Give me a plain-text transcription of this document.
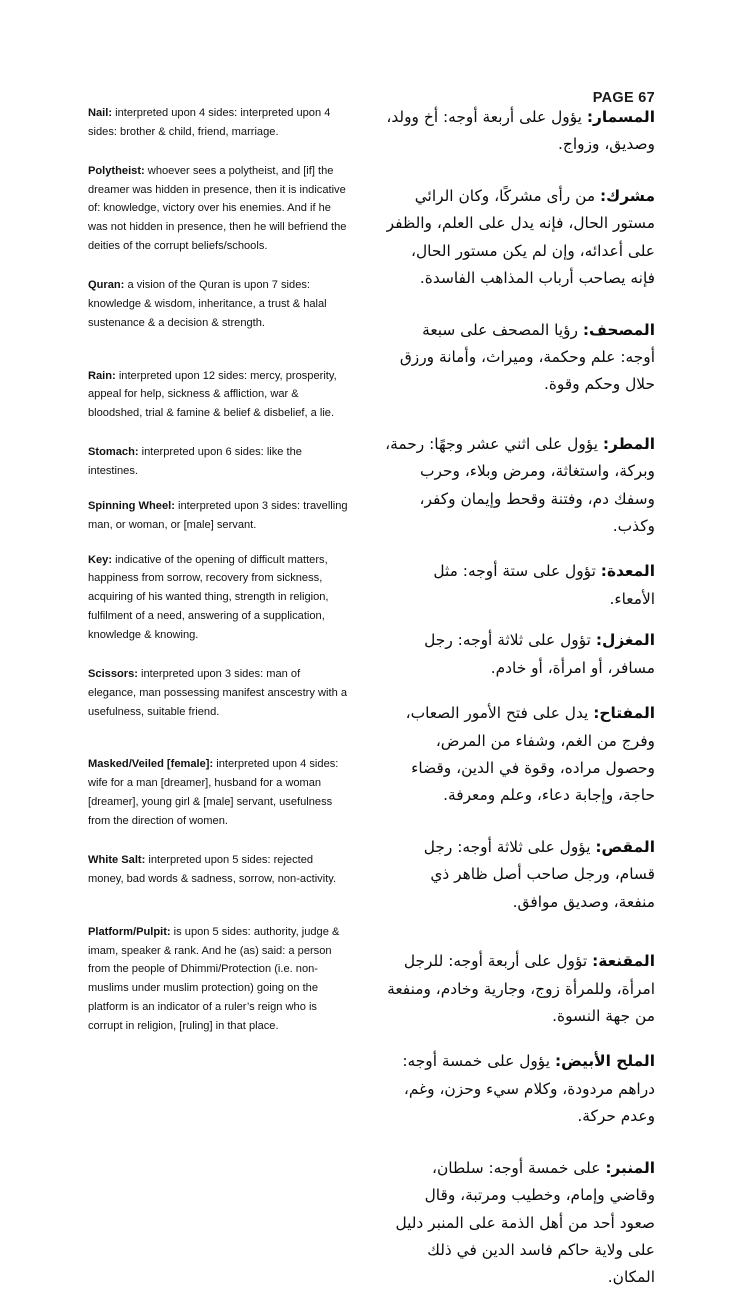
PAGE 67

Nail: interpreted upon 4 sides: interpreted upon 4 sides: brother & child, friend, marriage.

Polytheist: whoever sees a polytheist, and [if] the dreamer was hidden in presence, then it is indicative of: knowledge, victory over his enemies. And if he was not hidden in presence, then he will befriend the deities of the corrupt beliefs/schools.

Quran: a vision of the Quran is upon 7 sides: knowledge & wisdom, inheritance, a trust & halal sustenance & a decision & strength.

Rain: interpreted upon 12 sides: mercy, prosperity, appeal for help, sickness & affliction, war & bloodshed, trial & famine & belief & disbelief, a lie.

Stomach: interpreted upon 6 sides: like the intestines.

Spinning Wheel: interpreted upon 3 sides: travelling man, or woman, or [male] servant.

Key: indicative of the opening of difficult matters, happiness from sorrow, recovery from sickness, acquiring of his wanted thing, strength in religion, fulfilment of a need, answering of a supplication, knowledge & knowing.

Scissors: interpreted upon 3 sides: man of elegance, man possessing manifest anscestry with a usefulness, suitable friend.

Masked/Veiled [female]: interpreted upon 4 sides: wife for a man [dreamer], husband for a woman [dreamer], young girl & [male] servant, usefulness from the direction of women.

White Salt: interpreted upon 5 sides: rejected money, bad words & sadness, sorrow, non-activity.

Platform/Pulpit: is upon 5 sides: authority, judge & imam, speaker & rank. And he (as) said: a person from the people of Dhimmi/Protection (i.e. non-muslims under muslim protection) going on the platform is an indicator of a ruler’s reign who is corrupt in religion, [ruling] in that place.

المسمار: يؤول على أربعة أوجه: أخ وولد، وصديق، وزواج.

مشرك: من رأى مشركًا، وكان الرائي مستور الحال، فإنه يدل على العلم، والظفر على أعدائه، وإن لم يكن مستور الحال، فإنه يصاحب أرباب المذاهب الفاسدة.

المصحف: رؤيا المصحف على سبعة أوجه: علم وحكمة، وميراث، وأمانة ورزق حلال وحكم وقوة.

المطر: يؤول على اثني عشر وجهًا: رحمة، وبركة، واستغاثة، ومرض وبلاء، وحرب وسفك دم، وفتنة وقحط وإيمان وكفر، وكذب.

المعدة: تؤول على ستة أوجه: مثل الأمعاء.

المغزل: تؤول على ثلاثة أوجه: رجل مسافر، أو امرأة، أو خادم.

المفتاح: يدل على فتح الأمور الصعاب، وفرج من الغم، وشفاء من المرض، وحصول مراده، وقوة في الدين، وقضاء حاجة، وإجابة دعاء، وعلم ومعرفة.

المقص: يؤول على ثلاثة أوجه: رجل قسام، ورجل صاحب أصل ظاهر ذي منفعة، وصديق موافق.

المقنعة: تؤول على أربعة أوجه: للرجل امرأة، وللمرأة زوج، وجارية وخادم، ومنفعة من جهة النسوة.

الملح الأبيض: يؤول على خمسة أوجه: دراهم مردودة، وكلام سيء وحزن، وغم، وعدم حركة.

المنبر: على خمسة أوجه: سلطان، وقاضي وإمام، وخطيب ومرتبة، وقال صعود أحد من أهل الذمة على المنبر دليل على ولاية حاكم فاسد الدين في ذلك المكان.
